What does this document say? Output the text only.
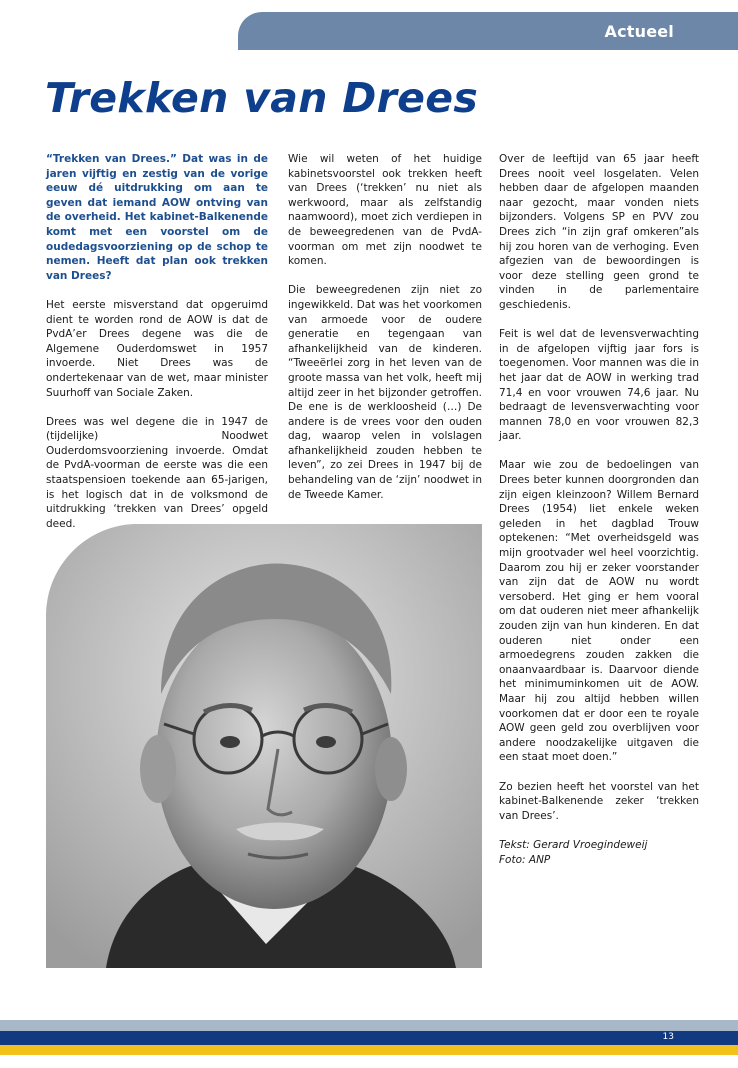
Actueel
Trekken van Drees

“Trekken van Drees.” Dat was in de jaren vijftig en zestig van de vorige eeuw dé uitdrukking om aan te geven dat iemand AOW ontving van de overheid. Het kabinet-Balkenende komt met een voorstel om de oudedagsvoorziening op de schop te nemen. Heeft dat plan ook trekken van Drees?

Het eerste misverstand dat opgeruimd dient te worden rond de AOW is dat de PvdA’er Drees degene was die de Algemene Ouderdomswet in 1957 invoerde. Niet Drees was de ondertekenaar van de wet, maar minister Suurhoff van Sociale Zaken.

Drees was wel degene die in 1947 de (tijdelijke) Noodwet Ouderdomsvoorziening invoerde. Omdat de PvdA-voorman de eerste was die een staatspensioen toekende aan 65-jarigen, is het logisch dat in de volksmond de uitdrukking ‘trekken van Drees’ opgeld deed.

Wie wil weten of het huidige kabinetsvoorstel ook trekken heeft van Drees (‘trekken’ nu niet als werkwoord, maar als zelfstandig naamwoord), moet zich verdiepen in de beweegredenen van de PvdA-voorman om met zijn noodwet te komen.

Die beweegredenen zijn niet zo ingewikkeld. Dat was het voorkomen van armoede voor de oudere generatie en tegengaan van afhankelijkheid van de kinderen. “Tweeërlei zorg in het leven van de groote massa van het volk, heeft mij altijd zeer in het bijzonder getroffen. De ene is de werkloosheid (…) De andere is de vrees voor den ouden dag, waarop velen in volslagen afhankelijkheid zouden hebben te leven”, zo zei Drees in 1947 bij de behandeling van de ‘zijn’ noodwet in de Tweede Kamer.

Over de leeftijd van 65 jaar heeft Drees nooit veel losgelaten. Velen hebben daar de afgelopen maanden naar gezocht, maar vonden niets bijzonders. Volgens SP en PVV zou Drees zich “in zijn graf omkeren”als hij zou horen van de verhoging. Even afgezien van de bewoordingen is voor deze stelling geen grond te vinden in de parlementaire geschiedenis.

Feit is wel dat de levensverwachting in de afgelopen vijftig jaar fors is toegenomen. Voor mannen was die in het jaar dat de AOW in werking trad 71,4 en voor vrouwen 74,6 jaar. Nu bedraagt de levensverwachting voor mannen 78,0 en voor vrouwen 82,3 jaar.

Maar wie zou de bedoelingen van Drees beter kunnen doorgronden dan zijn eigen kleinzoon? Willem Bernard Drees (1954) liet enkele weken geleden in het dagblad Trouw optekenen: “Met overheidsgeld was mijn grootvader wel heel voorzichtig. Daarom zou hij er zeker voorstander van zijn dat de AOW nu wordt versoberd. Het ging er hem vooral om dat ouderen niet meer afhankelijk zouden zijn van hun kinderen. En dat ouderen niet onder een armoedegrens zouden zakken die onaanvaardbaar is. Daarvoor diende het minimuminkomen uit de AOW. Maar hij zou altijd hebben willen voorkomen dat er door een te royale AOW geen geld zou overblijven voor andere noodzakelijke uitgaven die een staat moet doen.”

Zo bezien heeft het voorstel van het kabinet-Balkenende zeker ‘trekken van Drees’.

Tekst: Gerard Vroegindeweij
Foto: ANP

13
